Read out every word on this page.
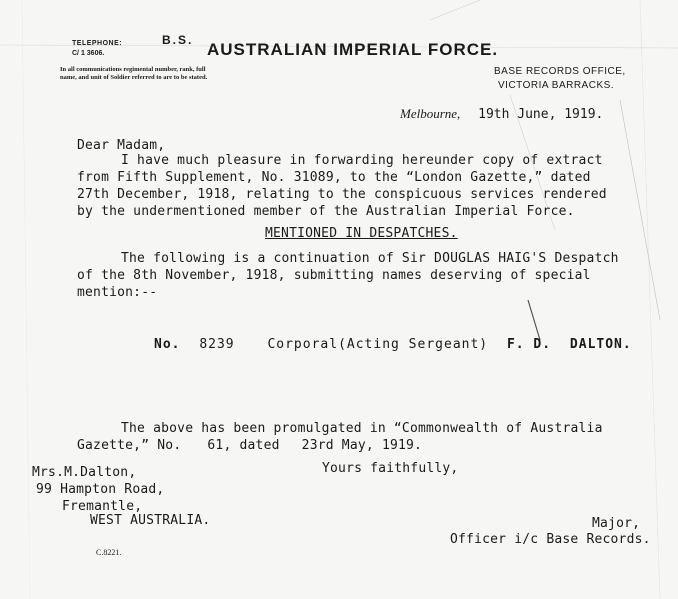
TELEPHONE:
C/ 1 3606.
In all communications regimental number, rank, full name, and unit of Soldier referred to are to be stated.
B.S. AUSTRALIAN IMPERIAL FORCE.
BASE RECORDS OFFICE,
VICTORIA BARRACKS.
Melbourne, 19th June, 1919.
Dear Madam,
I have much pleasure in forwarding hereunder copy of extract
from Fifth Supplement, No. 31089, to the “London Gazette,” dated
27th December, 1918, relating to the conspicuous services rendered
by the undermentioned member of the Australian Imperial Force.
MENTIONED IN DESPATCHES.
The following is a continuation of Sir DOUGLAS HAIG'S Despatch
of the 8th November, 1918, submitting names deserving of special
mention:--
No. 8239	Corporal(Acting Sergeant) F. D. DALTON.
The above has been promulgated in “Commonwealth of Australia
Gazette,” No. 61, dated 23rd May, 1919.
Yours faithfully,
Mrs.M.Dalton,
99 Hampton Road,
Fremantle,
WEST AUSTRALIA.	Major,
Officer i/c Base Records.
C.8221.
